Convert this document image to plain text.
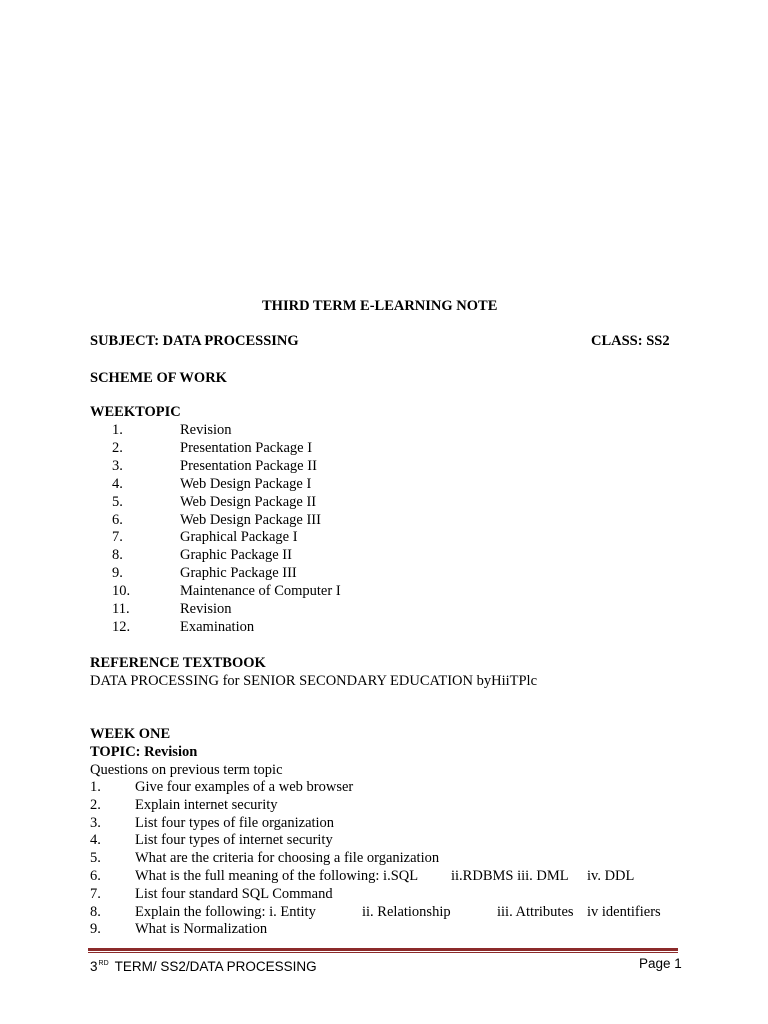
THIRD TERM E-LEARNING NOTE
SUBJECT: DATA PROCESSING	CLASS: SS2
SCHEME OF WORK
WEEKTOPIC
1.	Revision
2.	Presentation Package I
3.	Presentation Package II
4.	Web Design Package I
5.	Web Design Package II
6.	Web Design Package III
7.	Graphical Package I
8.	Graphic Package II
9.	Graphic Package III
10.	Maintenance of Computer I
11.	Revision
12.	Examination
REFERENCE TEXTBOOK
DATA PROCESSING for SENIOR SECONDARY EDUCATION byHiiTPlc
WEEK ONE
TOPIC: Revision
Questions on previous term topic
1. Give four examples of a web browser
2. Explain internet security
3. List four types of file organization
4. List four types of internet security
5. What are the criteria for choosing a file organization
6. What is the full meaning of the following: i.SQL ii.RDBMS iii. DML iv. DDL
7. List four standard SQL Command
8. Explain the following: i. Entity	ii. Relationship	iii. Attributes iv identifiers
9. What is Normalization
3RD TERM/ SS2/DATA PROCESSING	Page 1
